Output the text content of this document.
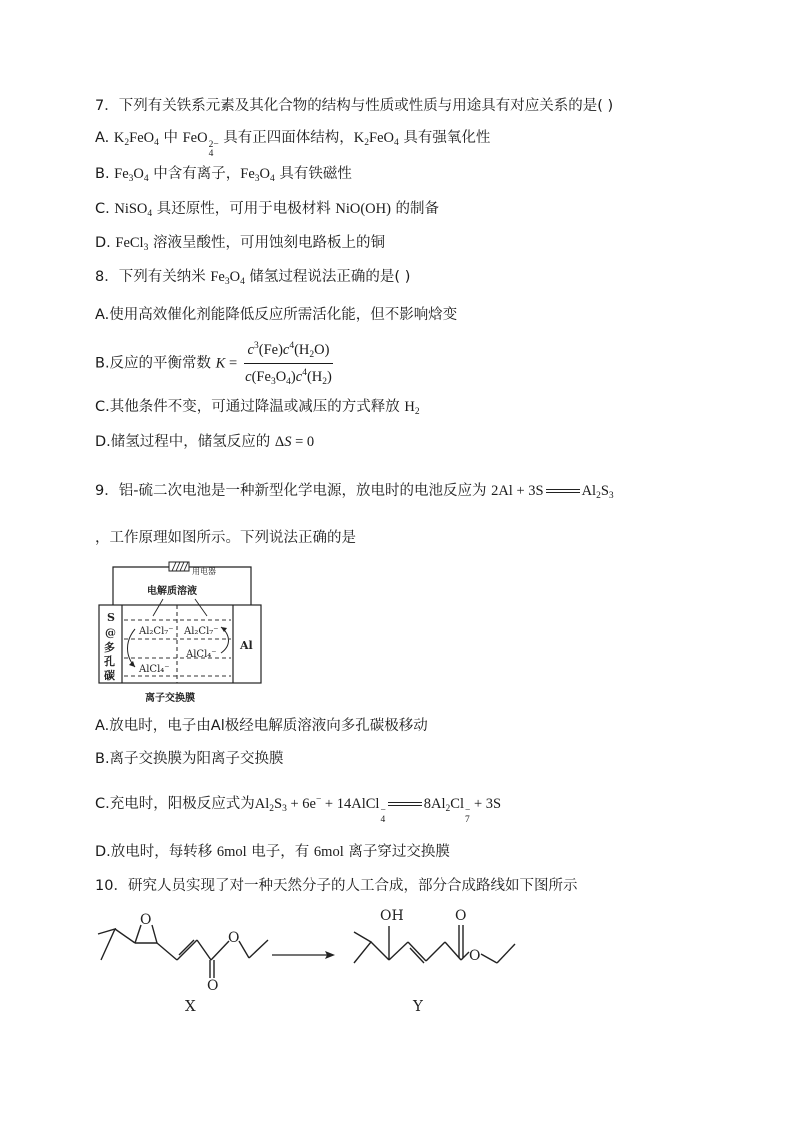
7．下列有关铁系元素及其化合物的结构与性质或性质与用途具有对应关系的是( )
A. $K_2FeO_4$ 中 FeO 2−
4
具有正四面体结构，$K_2FeO_4$ 具有强氧化性
B. $Fe_3O_4$ 中含有离子，$Fe_3O_4$ 具有铁磁性
C. NiSO$_4$ 具还原性，可用于电极材料 NiO(OH) 的制备
D. FeCl$_3$ 溶液呈酸性，可用蚀刻电路板上的铜
8．下列有关纳米 $Fe_3O_4$ 储氢过程说法正确的是( )
A.使用高效催化剂能降低反应所需活化能，但不影响焓变
B.反应的平衡常数 $K = \frac{c^3(Fe)c^4(H_2O)}{c(Fe_3O_4)c^4(H_2)}$
C.其他条件不变，可通过降温或减压的方式释放 $H_2$
D.储氢过程中，储氢反应的 ΔS = 0
9．铝-硫二次电池是一种新型化学电源，放电时的电池反应为 2Al + 3S	$Al_2S_3$
，工作原理如图所示。下列说法正确的是
用电器
电解质溶液
S
@
多
孔
碳
Al
Al₂Cl₇⁻ Al₂Cl₇⁻
AlCl₄⁻
AlCl₄⁻
离子交换膜
A.放电时，电子由Al极经电解质溶液向多孔碳极移动
B.离子交换膜为阳离子交换膜
C.充电时，阳极反应式为$Al_2S_3 + 6e^-$ + 14AlCl −
4
$8Al_2Cl$ −
7
+ 3S
D.放电时，每转移 6mol 电子，有 6mol 离子穿过交换膜
10．研究人员实现了对一种天然分子的人工合成，部分合成路线如下图所示
O
O
O
X
OH	O
O
Y
